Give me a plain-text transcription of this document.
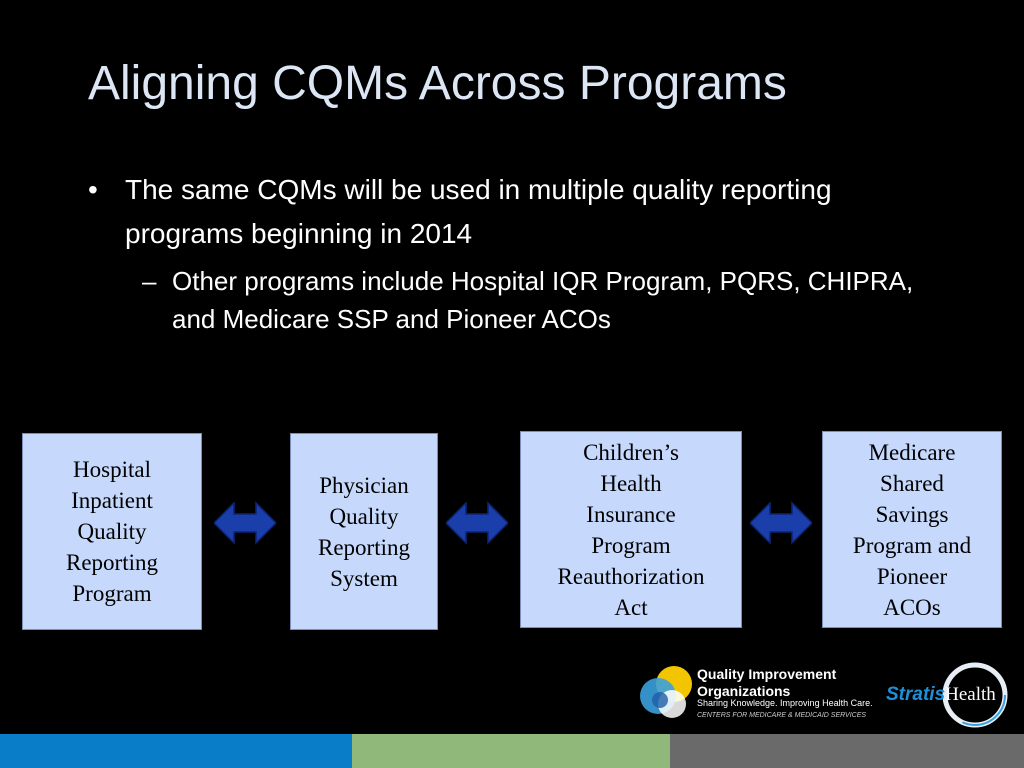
Aligning CQMs Across Programs
• The same CQMs will be used in multiple quality reporting programs beginning in 2014
– Other programs include Hospital IQR Program, PQRS, CHIPRA, and Medicare SSP and Pioneer ACOs
Hospital
Inpatient
Quality
Reporting
Program
Physician
Quality
Reporting
System
Children’s
Health
Insurance
Program
Reauthorization
Act
Medicare
Shared
Savings
Program and
Pioneer
ACOs
Quality Improvement
Organizations
Sharing Knowledge. Improving Health Care.
CENTERS FOR MEDICARE & MEDICAID SERVICES
StratisHealth
